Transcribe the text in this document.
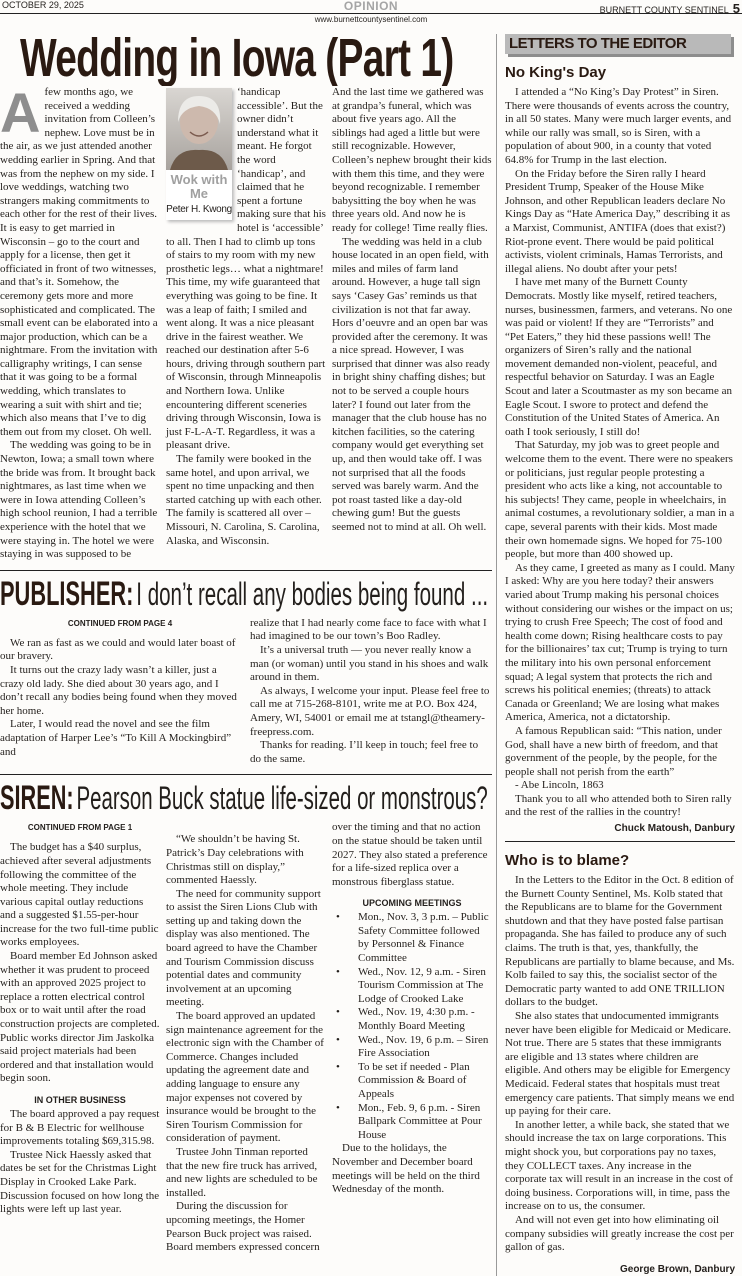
OCTOBER 29, 2025	OPINION	BURNETT COUNTY SENTINEL 5
www.burnettcountysentinel.com
Wedding in Iowa (Part 1)
A few months ago, we received a wedding invitation from Colleen’s nephew. Love must be in the air, as we just attended another wedding earlier in Spring. And that was from the nephew on my side. I love weddings, watching two strangers making commitments to each other for the rest of their lives. It is easy to get married in Wisconsin – go to the court and apply for a license, then get it officiated in front of two witnesses, and that’s it. Somehow, the ceremony gets more and more sophisticated and complicated. The small event can be elaborated into a major production, which can be a nightmare. From the invitation with calligraphy writings, I can sense that it was going to be a formal wedding, which translates to wearing a suit with shirt and tie; which also means that I’ve to dig them out from my closet. Oh well.

The wedding was going to be in Newton, Iowa; a small town where the bride was from. It brought back nightmares, as last time when we were in Iowa attending Colleen’s high school reunion, I had a terrible experience with the hotel that we were staying in. The hotel we were staying in was supposed to be

Wok with Me
Peter H. Kwong

‘handicap accessible’. But the owner didn’t understand what it meant. He forgot the word ‘handicap’, and claimed that he spent a fortune making sure that his hotel is ‘accessible’ to all. Then I had to climb up tons of stairs to my room with my new prosthetic legs… what a nightmare! This time, my wife guaranteed that everything was going to be fine. It was a leap of faith; I smiled and went along. It was a nice pleasant drive in the fairest weather. We reached our destination after 5-6 hours, driving through southern part of Wisconsin, through Minneapolis and Northern Iowa. Unlike encountering different sceneries driving through Wisconsin, Iowa is just F-L-A-T. Regardless, it was a pleasant drive.

The family were booked in the same hotel, and upon arrival, we spent no time unpacking and then started catching up with each other. The family is scattered all over – Missouri, N. Carolina, S. Carolina, Alaska, and Wisconsin.

And the last time we gathered was at grandpa’s funeral, which was about five years ago. All the siblings had aged a little but were still recognizable. However, Colleen’s nephew brought their kids with them this time, and they were beyond recognizable. I remember babysitting the boy when he was three years old. And now he is ready for college! Time really flies.

The wedding was held in a club house located in an open field, with miles and miles of farm land around. However, a huge tall sign says ‘Casey Gas’ reminds us that civilization is not that far away. Hors d’oeuvre and an open bar was provided after the ceremony. It was a nice spread. However, I was surprised that dinner was also ready in bright shiny chaffing dishes; but not to be served a couple hours later? I found out later from the manager that the club house has no kitchen facilities, so the catering company would get everything set up, and then would take off. I was not surprised that all the foods served was barely warm. And the pot roast tasted like a day-old chewing gum! But the guests seemed not to mind at all. Oh well.

PUBLISHER: I don’t recall any bodies being found ...
CONTINUED FROM PAGE 4

We ran as fast as we could and would later boast of our bravery.

It turns out the crazy lady wasn’t a killer, just a crazy old lady. She died about 30 years ago, and I don’t recall any bodies being found when they moved her home.

Later, I would read the novel and see the film adaptation of Harper Lee’s “To Kill A Mockingbird” and

realize that I had nearly come face to face with what I had imagined to be our town’s Boo Radley.

It’s a universal truth — you never really know a man (or woman) until you stand in his shoes and walk around in them.

As always, I welcome your input. Please feel free to call me at 715-268-8101, write me at P.O. Box 424, Amery, WI, 54001 or email me at tstangl@theamery-freepress.com.

Thanks for reading. I’ll keep in touch; feel free to do the same.

SIREN: Pearson Buck statue life-sized or monstrous?
CONTINUED FROM PAGE 1

The budget has a $40 surplus, achieved after several adjustments following the committee of the whole meeting. They include various capital outlay reductions and a suggested $1.55-per-hour increase for the two full-time public works employees.

Board member Ed Johnson asked whether it was prudent to proceed with an approved 2025 project to replace a rotten electrical control box or to wait until after the road construction projects are completed. Public works director Jim Jaskolka said project materials had been ordered and that installation would begin soon.

IN OTHER BUSINESS

The board approved a pay request for B & B Electric for wellhouse improvements totaling $69,315.98.

Trustee Nick Haessly asked that dates be set for the Christmas Light Display in Crooked Lake Park. Discussion focused on how long the lights were left up last year.

“We shouldn’t be having St. Patrick’s Day celebrations with Christmas still on display,” commented Haessly.

The need for community support to assist the Siren Lions Club with setting up and taking down the display was also mentioned. The board agreed to have the Chamber and Tourism Commission discuss potential dates and community involvement at an upcoming meeting.

The board approved an updated sign maintenance agreement for the electronic sign with the Chamber of Commerce. Changes included updating the agreement date and adding language to ensure any major expenses not covered by insurance would be brought to the Siren Tourism Commission for consideration of payment.

Trustee John Tinman reported that the new fire truck has arrived, and new lights are scheduled to be installed.

During the discussion for upcoming meetings, the Homer Pearson Buck project was raised. Board members expressed concern

over the timing and that no action on the statue should be taken until 2027. They also stated a preference for a life-sized replica over a monstrous fiberglass statue.

UPCOMING MEETINGS
• Mon., Nov. 3, 3 p.m. – Public Safety Committee followed by Personnel & Finance Committee
• Wed., Nov. 12, 9 a.m. - Siren Tourism Commission at The Lodge of Crooked Lake
• Wed., Nov. 19, 4:30 p.m. - Monthly Board Meeting
• Wed., Nov. 19, 6 p.m. – Siren Fire Association
• To be set if needed - Plan Commission & Board of Appeals
• Mon., Feb. 9, 6 p.m. - Siren Ballpark Committee at Pour House

Due to the holidays, the November and December board meetings will be held on the third Wednesday of the month.

LETTERS TO THE EDITOR
No King's Day

I attended a “No King’s Day Protest” in Siren. There were thousands of events across the country, in all 50 states. Many were much larger events, and while our rally was small, so is Siren, with a population of about 900, in a county that voted 64.8% for Trump in the last election.

On the Friday before the Siren rally I heard President Trump, Speaker of the House Mike Johnson, and other Republican leaders declare No Kings Day as “Hate America Day,” describing it as a Marxist, Communist, ANTIFA (does that exist?) Riot-prone event. There would be paid political activists, violent criminals, Hamas Terrorists, and illegal aliens. No doubt after your pets!

I have met many of the Burnett County Democrats. Mostly like myself, retired teachers, nurses, businessmen, farmers, and veterans. No one was paid or violent! If they are “Terrorists” and “Pet Eaters,” they hid these passions well! The organizers of Siren’s rally and the national movement demanded non-violent, peaceful, and respectful behavior on Saturday. I was an Eagle Scout and later a Scoutmaster as my son became an Eagle Scout. I swore to protect and defend the Constitution of the United States of America. An oath I took seriously, I still do!

That Saturday, my job was to greet people and welcome them to the event. There were no speakers or politicians, just regular people protesting a president who acts like a king, not accountable to his subjects! They came, people in wheelchairs, in animal costumes, a revolutionary soldier, a man in a cape, several parents with their kids. Most made their own homemade signs. We hoped for 75-100 people, but more than 400 showed up.

As they came, I greeted as many as I could. Many I asked: Why are you here today? their answers varied about Trump making his personal choices without considering our wishes or the impact on us; trying to crush Free Speech; The cost of food and health come down; Rising healthcare costs to pay for the billionaires’ tax cut; Trump is trying to turn the military into his own personal enforcement squad; A legal system that protects the rich and screws his political enemies; (threats) to attack Canada or Greenland; We are losing what makes America, America, not a dictatorship.

A famous Republican said: “This nation, under God, shall have a new birth of freedom, and that government of the people, by the people, for the people shall not perish from the earth”

- Abe Lincoln, 1863

Thank you to all who attended both to Siren rally and the rest of the rallies in the country!

Chuck Matoush, Danbury
Who is to blame?

In the Letters to the Editor in the Oct. 8 edition of the Burnett County Sentinel, Ms. Kolb stated that the Republicans are to blame for the Government shutdown and that they have posted false partisan propaganda. She has failed to produce any of such claims. The truth is that, yes, thankfully, the Republicans are partially to blame because, and Ms. Kolb failed to say this, the socialist sector of the Democratic party wanted to add ONE TRILLION dollars to the budget.

She also states that undocumented immigrants never have been eligible for Medicaid or Medicare. Not true. There are 5 states that these immigrants are eligible and 13 states where children are eligible. And others may be eligible for Emergency Medicaid. Federal states that hospitals must treat emergency care patients. That simply means we end up paying for their care.

In another letter, a while back, she stated that we should increase the tax on large corporations. This might shock you, but corporations pay no taxes, they COLLECT taxes. Any increase in the corporate tax will result in an increase in the cost of doing business. Corporations will, in time, pass the increase on to us, the consumer.

And will not even get into how eliminating oil company subsidies will greatly increase the cost per gallon of gas.

George Brown, Danbury
